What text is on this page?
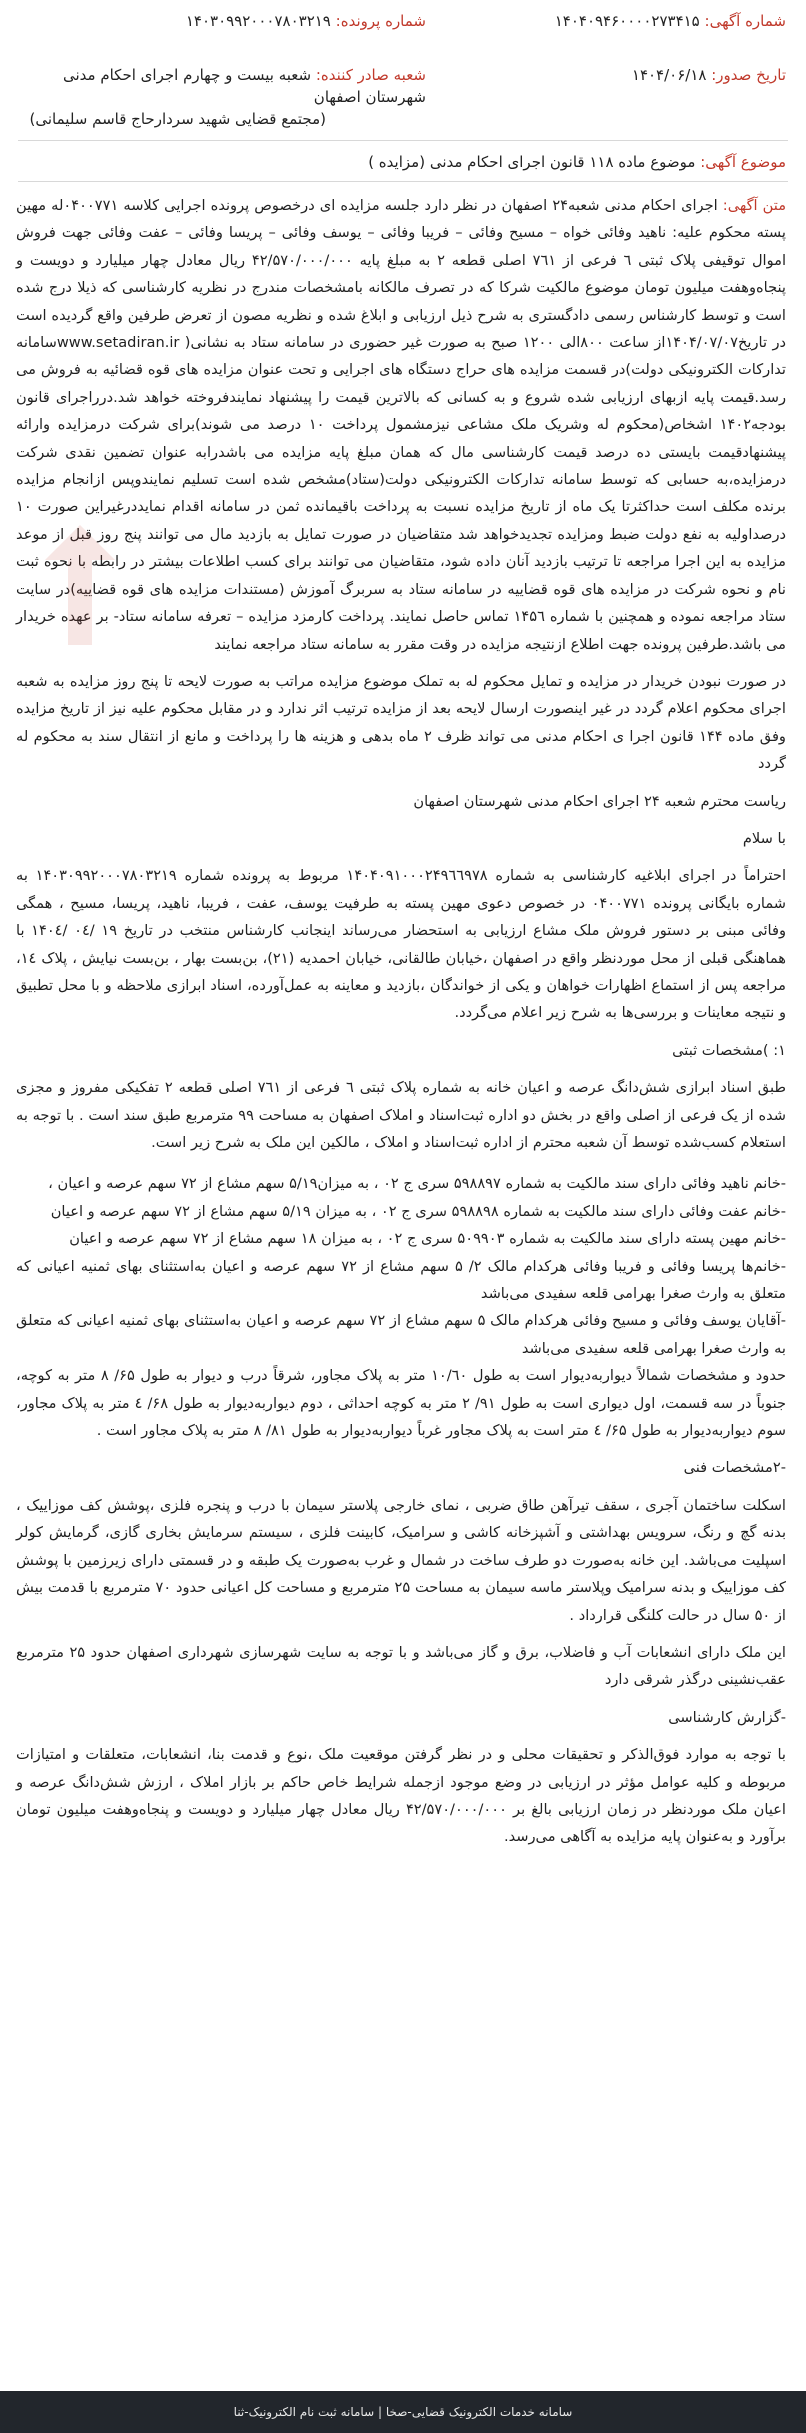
شماره آگهی: ۱۴۰۴۰۹۴۶۰۰۰۰۲۷۳۴۱۵
شماره پرونده: ۱۴۰۳۰۹۹۲۰۰۰۷۸۰۳۲۱۹
تاریخ صدور: ۱۴۰۴/۰۶/۱۸
شعبه صادر کننده: شعبه بیست و چهارم اجرای احکام مدنی شهرستان اصفهان
(مجتمع قضایی شهید سردارحاج قاسم سلیمانی)
موضوع آگهی: موضوع ماده ۱۱۸ قانون اجرای احکام مدنی (مزایده )

متن آگهی: اجرای احکام مدنی شعبه۲۴ اصفهان در نظر دارد جلسه مزایده ای درخصوص پرونده اجرایی کلاسه ۰۴۰۰۷۷۱له مهین پسته محکوم علیه: ناهید وفائی خواه – مسیح وفائی – فریبا وفائی – یوسف وفائی – پریسا وفائی – عفت وفائی جهت فروش اموال توقیفی پلاک ثبتی ٦ فرعی از ۷٦۱ اصلی قطعه ۲ به مبلغ پایه ۴۲/۵۷۰/۰۰۰/۰۰۰ ریال معادل چهار میلیارد و دویست و پنجاه‌وهفت میلیون تومان موضوع مالکیت شرکا که در تصرف مالکانه بامشخصات مندرج در نظریه کارشناسی که ذیلا درج شده است و توسط کارشناس رسمی دادگستری به شرح ذیل ارزیابی و ابلاغ شده و نظریه مصون از تعرض طرفین واقع گردیده است در تاریخ۱۴۰۴/۰۷/۰۷از ساعت ۸۰۰الی ۱۲۰۰ صبح به صورت غیر حضوری در سامانه ستاد به نشانی( www.setadiran.irسامانه تدارکات الکترونیکی دولت)در قسمت مزایده های حراج دستگاه های اجرایی و تحت عنوان مزایده های قوه قضائیه به فروش می رسد.قیمت پایه ازبهای ارزیابی شده شروع و به کسانی که بالاترین قیمت را پیشنهاد نمایندفروخته خواهد شد.درراجرای قانون بودجه۱۴۰۲ اشخاص(محکوم له وشریک ملک مشاعی نیزمشمول پرداخت ۱۰ درصد می شوند)برای شرکت درمزایده وارائه پیشنهادقیمت بایستی ده درصد قیمت کارشناسی مال که همان مبلغ پایه مزایده می باشدرابه عنوان تضمین نقدی شرکت درمزایده،به حسابی که توسط سامانه تدارکات الکترونیکی دولت(ستاد)مشخص شده است تسلیم نمایندوپس ازانجام مزایده برنده مکلف است حداکثرتا یک ماه از تاریخ مزایده نسبت به پرداخت باقیمانده ثمن در سامانه اقدام نمایددرغیراین صورت ۱۰ درصداولیه به نفع دولت ضبط ومزایده تجدیدخواهد شد متقاضیان در صورت تمایل به بازدید مال می توانند پنج روز قبل از موعد مزایده به این اجرا مراجعه تا ترتیب بازدید آنان داده شود، متقاضیان می توانند برای کسب اطلاعات بیشتر در رابطه با نحوه ثبت نام و نحوه شرکت در مزایده های قوه قضاییه در سامانه ستاد به سربرگ آموزش (مستندات مزایده های قوه قضاییه)در سایت ستاد مراجعه نموده و همچنین با شماره ۱۴۵٦ تماس حاصل نمایند. پرداخت کارمزد مزایده – تعرفه سامانه ستاد- بر عهده خریدار می باشد.طرفین پرونده جهت اطلاع ازنتیجه مزایده در وقت مقرر به سامانه ستاد مراجعه نمایند

در صورت نبودن خریدار در مزایده و تمایل محکوم له به تملک موضوع مزایده مراتب به صورت لایحه تا پنج روز مزایده به شعبه اجرای محکوم اعلام گردد در غیر اینصورت ارسال لایحه بعد از مزایده ترتیب اثر ندارد و در مقابل محکوم علیه نیز از تاریخ مزایده وفق ماده ۱۴۴ قانون اجرا ی احکام مدنی می تواند ظرف ۲ ماه بدهی و هزینه ها را پرداخت و مانع از انتقال سند به محکوم له گردد

ریاست محترم شعبه ۲۴ اجرای احکام مدنی شهرستان اصفهان

با سلام

احتراماً در اجرای ابلاغیه کارشناسی به شماره ۱۴۰۴۰۹۱۰۰۰۲۴۹٦٦۹۷۸ مربوط به پرونده شماره ۱۴۰۳۰۹۹۲۰۰۰۷۸۰۳۲۱۹ به شماره بایگانی پرونده ۰۴۰۰۷۷۱ در خصوص دعوی مهین پسته به طرفیت یوسف، عفت ، فریبا، ناهید، پریسا، مسیح ، همگی وفائی مبنی بر دستور فروش ملک مشاع ارزیابی به استحضار می‌رساند اینجانب کارشناس منتخب در تاریخ ۱۹ /۰٤ /۱۴۰٤ با هماهنگی قبلی از محل موردنظر واقع در اصفهان ،خیابان طالقانی، خیابان احمدیه (۲۱)، بن‌بست بهار ، بن‌بست نیایش ، پلاک ۱٤، مراجعه پس از استماع اظهارات خواهان و یکی از خواندگان ،بازدید و معاینه به عمل‌آورده، اسناد ابرازی ملاحظه و با محل تطبیق و نتیجه معاینات و بررسی‌ها به شرح زیر اعلام می‌گردد.

۱: )مشخصات ثبتی

طبق اسناد ابرازی شش‌دانگ عرصه و اعیان خانه به شماره پلاک ثبتی ٦ فرعی از ۷٦۱ اصلی قطعه ۲ تفکیکی مفروز و مجزی شده از یک فرعی از اصلی واقع در بخش دو اداره ثبت‌اسناد و املاک اصفهان به مساحت ۹۹ مترمربع طبق سند است . با توجه به استعلام کسب‌شده توسط آن شعبه محترم از اداره ثبت‌اسناد و املاک ، مالکین این ملک به شرح زیر است.

-خانم ناهید وفائی دارای سند مالکیت به شماره ۵۹۸۸۹۷ سری ج ۰۲ ، به میزان۵/۱۹ سهم مشاع از ۷۲ سهم عرصه و اعیان ،

-خانم عفت وفائی دارای سند مالکیت به شماره ۵۹۸۸۹۸ سری ج ۰۲ ، به میزان ۵/۱۹ سهم مشاع از ۷۲ سهم عرصه و اعیان

-خانم مهین پسته دارای سند مالکیت به شماره ۵۰۹۹۰۳ سری ج ۰۲ ، به میزان ۱۸ سهم مشاع از ۷۲ سهم عرصه و اعیان

-خانم‌ها پریسا وفائی و فریبا وفائی هرکدام مالک ۲/ ۵ سهم مشاع از ۷۲ سهم عرصه و اعیان به‌استثنای بهای ثمنیه اعیانی که متعلق به وارث صغرا بهرامی قلعه سفیدی می‌باشد

-آقایان یوسف وفائی و مسیح وفائی هرکدام مالک ۵ سهم مشاع از ۷۲ سهم عرصه و اعیان به‌استثنای بهای ثمنیه اعیانی که متعلق به وارث صغرا بهرامی قلعه سفیدی می‌باشد

حدود و مشخصات شمالاً دیواربه‌دیوار است به طول ۱۰/٦۰ متر به پلاک مجاور، شرقاً درب و دیوار به طول ۶۵/ ۸ متر به کوچه، جنوباً در سه قسمت، اول دیواری است به طول ۹۱/ ۲ متر به کوچه احداثی ، دوم دیواربه‌دیوار به طول ۶۸/ ٤ متر به پلاک مجاور، سوم دیواربه‌دیوار به طول ۶۵/ ٤ متر است به پلاک مجاور غرباً دیواربه‌دیوار به طول ۸۱/ ۸ متر به پلاک مجاور است .

-۲مشخصات فنی

اسکلت ساختمان آجری ، سقف تیرآهن طاق ضربی ، نمای خارجی پلاستر سیمان با درب و پنجره فلزی ،پوشش کف موزاییک ، بدنه گچ و رنگ، سرویس بهداشتی و آشپزخانه کاشی و سرامیک، کابینت فلزی ، سیستم سرمایش بخاری گازی، گرمایش کولر اسپلیت می‌باشد. این خانه به‌صورت دو طرف ساخت در شمال و غرب به‌صورت یک طبقه و در قسمتی دارای زیرزمین با پوشش کف موزاییک و بدنه سرامیک وپلاستر ماسه سیمان به مساحت ۲۵ مترمربع و مساحت کل اعیانی حدود ۷۰ مترمربع با قدمت بیش از ۵۰ سال در حالت کلنگی قرارداد .

این ملک دارای انشعابات آب و فاضلاب، برق و گاز می‌باشد و با توجه به سایت شهرسازی شهرداری اصفهان حدود ۲۵ مترمربع عقب‌نشینی درگذر شرقی دارد

-گزارش کارشناسی

با توجه به موارد فوق‌الذکر و تحقیقات محلی و در نظر گرفتن موقعیت ملک ،نوع و قدمت بنا، انشعابات، متعلقات و امتیازات مربوطه و کلیه عوامل مؤثر در ارزیابی در وضع موجود ازجمله شرایط خاص حاکم بر بازار املاک ، ارزش شش‌دانگ عرصه و اعیان ملک موردنظر در زمان ارزیابی بالغ بر ۴۲/۵۷۰/۰۰۰/۰۰۰ ریال معادل چهار میلیارد و دویست و پنجاه‌وهفت میلیون تومان برآورد و به‌عنوان پایه مزایده به آگاهی می‌رسد.

سامانه خدمات الکترونیک قضایی-صخا | سامانه ثبت نام الکترونیک-ثنا
